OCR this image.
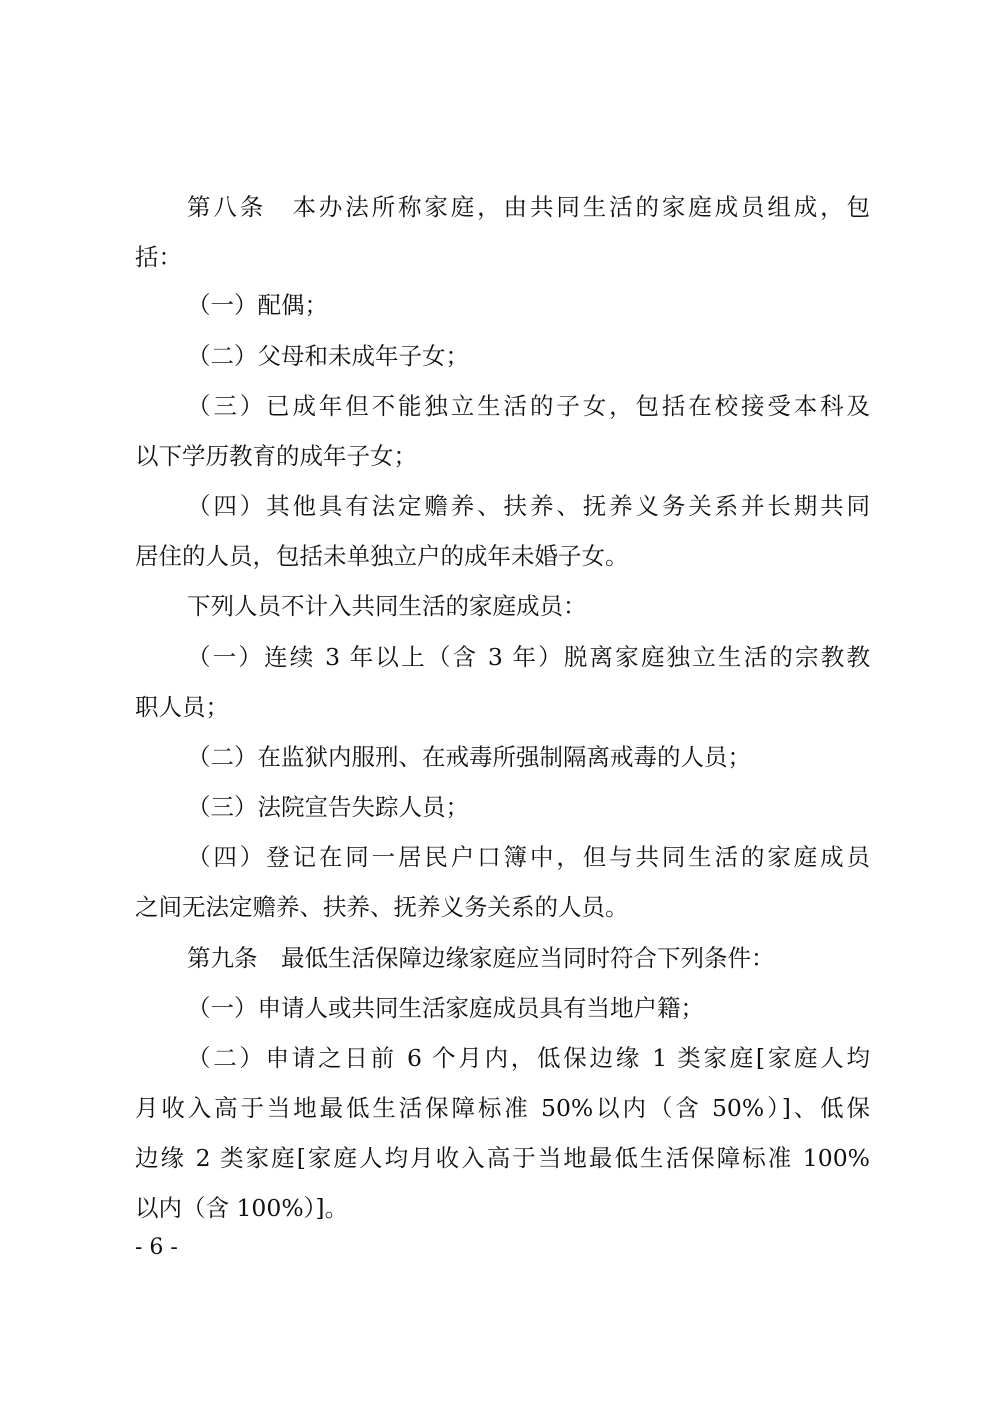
第八条　本办法所称家庭，由共同生活的家庭成员组成，包
括：
（一）配偶；
（二）父母和未成年子女；
（三）已成年但不能独立生活的子女，包括在校接受本科及
以下学历教育的成年子女；
（四）其他具有法定赡养、扶养、抚养义务关系并长期共同
居住的人员，包括未单独立户的成年未婚子女。
下列人员不计入共同生活的家庭成员：
（一）连续 3 年以上（含 3 年）脱离家庭独立生活的宗教教
职人员；
（二）在监狱内服刑、在戒毒所强制隔离戒毒的人员；
（三）法院宣告失踪人员；
（四）登记在同一居民户口簿中，但与共同生活的家庭成员
之间无法定赡养、扶养、抚养义务关系的人员。
第九条　最低生活保障边缘家庭应当同时符合下列条件：
（一）申请人或共同生活家庭成员具有当地户籍；
（二）申请之日前 6 个月内，低保边缘 1 类家庭[家庭人均
月收入高于当地最低生活保障标准 50%以内（含 50%）]、低保
边缘 2 类家庭[家庭人均月收入高于当地最低生活保障标准 100%
以内（含 100%）]。
- 6 -
